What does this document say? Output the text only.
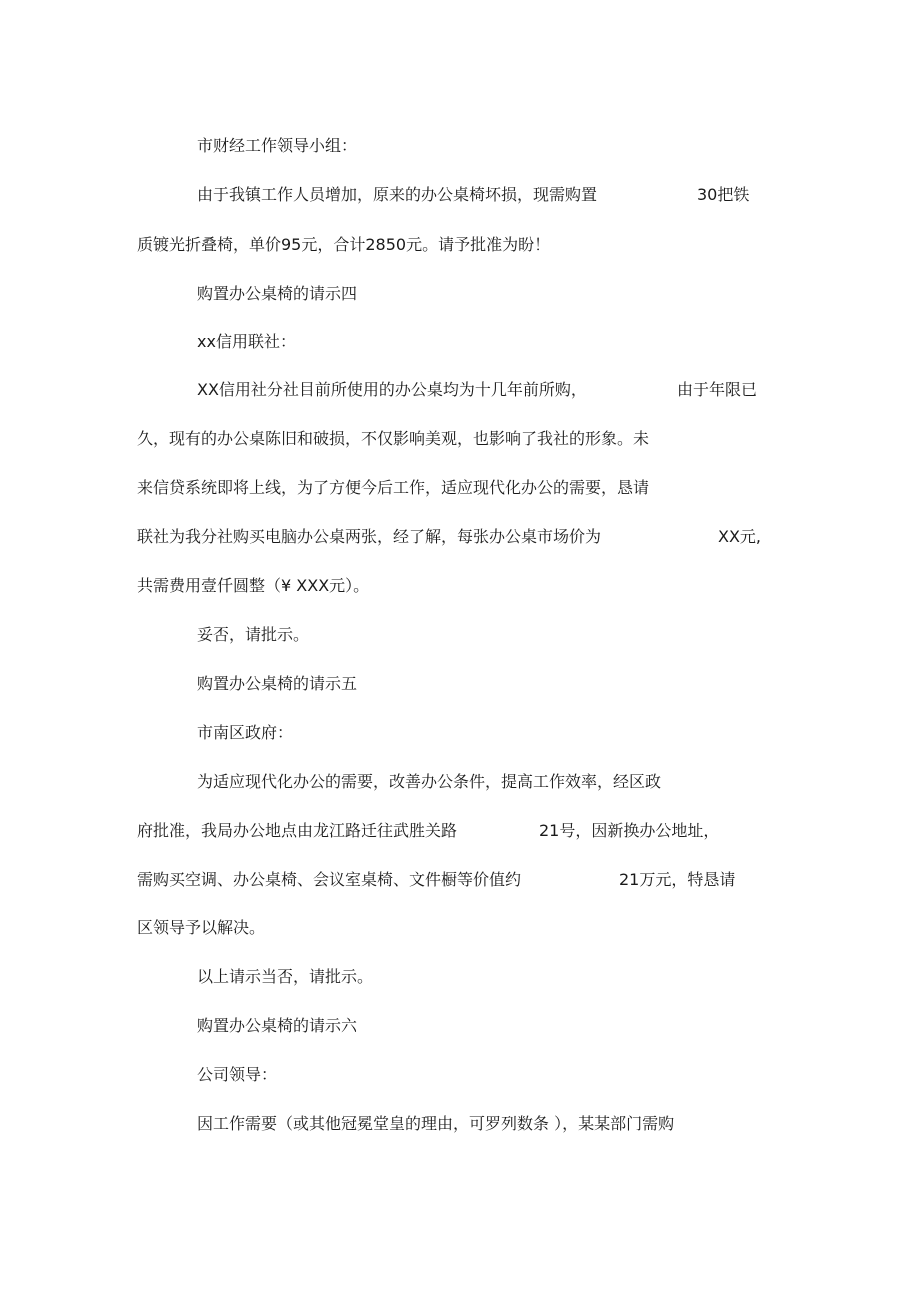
市财经工作领导小组：
由于我镇工作人员增加，原来的办公桌椅坏损，现需购置	30把铁
质镀光折叠椅，单价95元，合计2850元。请予批准为盼！
购置办公桌椅的请示四
xx信用联社：
XX信用社分社目前所使用的办公桌均为十几年前所购，	由于年限已
久，现有的办公桌陈旧和破损，不仅影响美观，也影响了我社的形象。未
来信贷系统即将上线，为了方便今后工作，适应现代化办公的需要，恳请
联社为我分社购买电脑办公桌两张，经了解，每张办公桌市场价为	XX元,
共需费用壹仟圆整（¥ XXX元）。
妥否，请批示。
购置办公桌椅的请示五
市南区政府：
为适应现代化办公的需要，改善办公条件，提高工作效率，经区政
府批准，我局办公地点由龙江路迁往武胜关路	21号，因新换办公地址，
需购买空调、办公桌椅、会议室桌椅、文件橱等价值约	21万元，特恳请
区领导予以解决。
以上请示当否，请批示。
购置办公桌椅的请示六
公司领导：
因工作需要（或其他冠冕堂皇的理由，可罗列数条 ），某某部门需购
